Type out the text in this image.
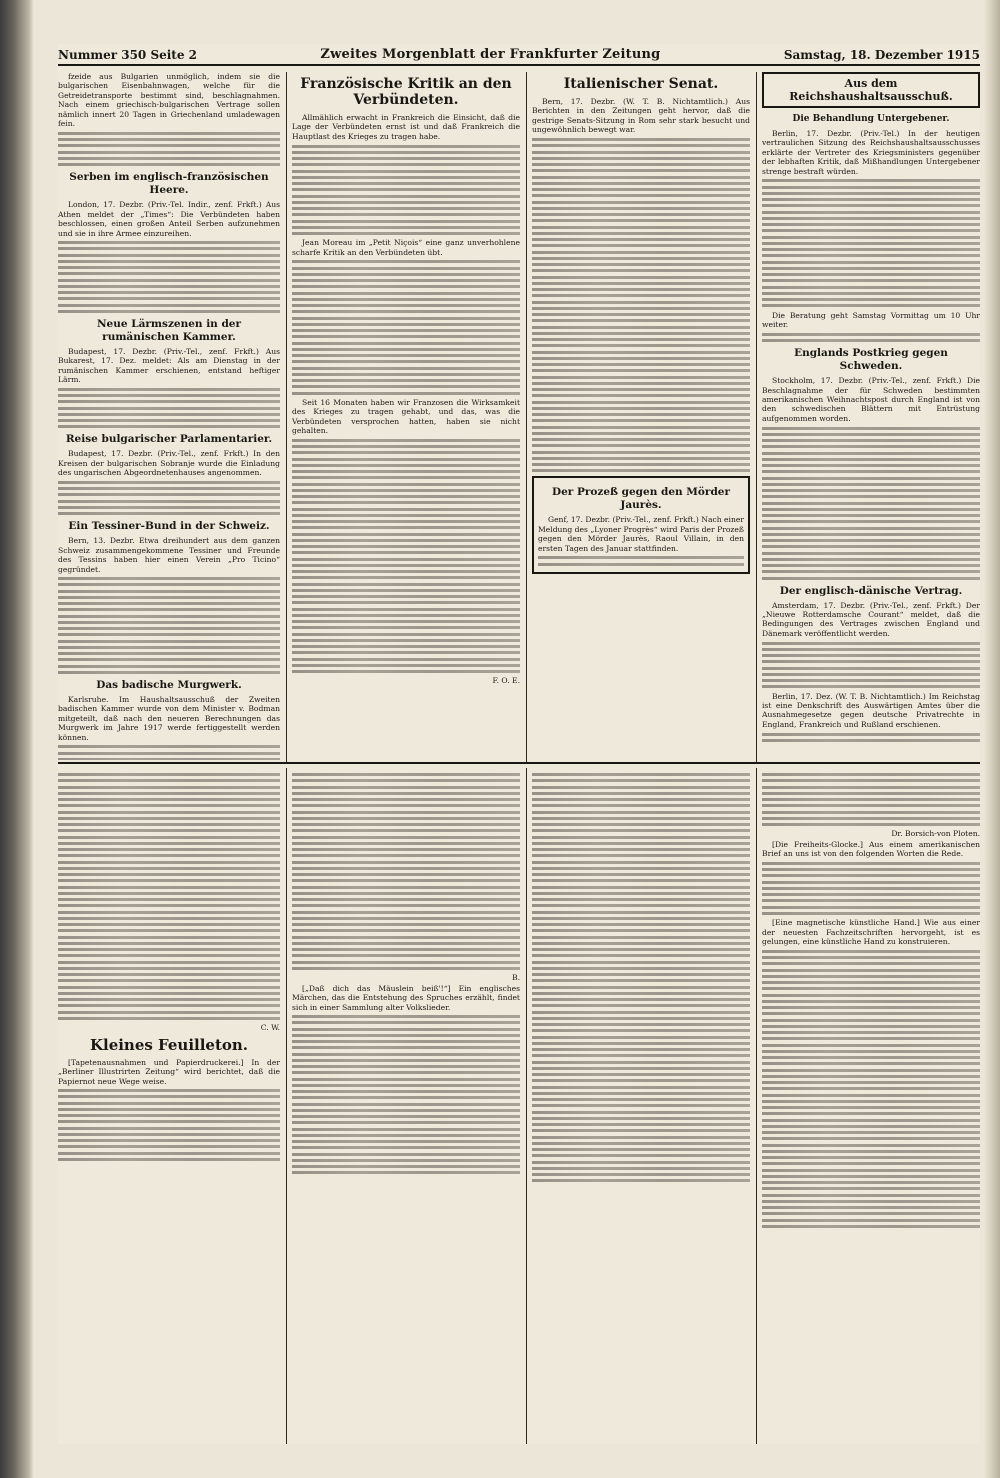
Nummer 350 Seite 2	Zweites Morgenblatt der Frankfurter Zeitung	Samstag, 18. Dezember 1915

fzeide aus Bulgarien unmöglich, indem sie die bulgarischen Eisenbahnwagen, welche für die Getreidetransporte bestimmt sind, beschlagnahmen. Nach einem griechisch-bulgarischen Vertrage sollen nämlich innert 20 Tagen in Griechenland umladewagen fein.

Serben im englisch-französischen Heere.

London, 17. Dezbr. (Priv.-Tel. Indir., zenf. Frkft.) Aus Athen meldet der „Times“: Die Verbündeten haben beschlossen, einen großen Anteil Serben aufzunehmen und sie in ihre Armee einzureihen.

Neue Lärmszenen in der rumänischen Kammer.

Budapest, 17. Dezbr. (Priv.-Tel., zenf. Frkft.) Aus Bukarest, 17. Dez. meldet: Als am Dienstag in der rumänischen Kammer erschienen, entstand heftiger Lärm.

Reise bulgarischer Parlamentarier.

Budapest, 17. Dezbr. (Priv.-Tel., zenf. Frkft.) In den Kreisen der bulgarischen Sobranje wurde die Einladung des ungarischen Abgeordnetenhauses angenommen.

Ein Tessiner-Bund in der Schweiz.

Bern, 13. Dezbr. Etwa dreihundert aus dem ganzen Schweiz zusammengekommene Tessiner und Freunde des Tessins haben hier einen Verein „Pro Ticino“ gegründet.

Das badische Murgwerk.

Karlsruhe. Im Haushaltsausschuß der Zweiten badischen Kammer wurde von dem Minister v. Bodman mitgeteilt, daß nach den neueren Berechnungen das Murgwerk im Jahre 1917 werde fertiggestellt werden können.

Französische Kritik an den Verbündeten.

Allmählich erwacht in Frankreich die Einsicht, daß die Lage der Verbündeten ernst ist und daß Frankreich die Hauptlast des Krieges zu tragen habe.

Jean Moreau im „Petit Niçois“ eine ganz unverhohlene scharfe Kritik an den Verbündeten übt.

Seit 16 Monaten haben wir Franzosen die Wirksamkeit des Krieges zu tragen gehabt, und das, was die Verbündeten versprochen hatten, haben sie nicht gehalten.

F. O. E.

Italienischer Senat.

Bern, 17. Dezbr. (W. T. B. Nichtamtlich.) Aus Berichten in den Zeitungen geht hervor, daß die gestrige Senats-Sitzung in Rom sehr stark besucht und ungewöhnlich bewegt war.

Der Prozeß gegen den Mörder Jaurès.

Genf, 17. Dezbr. (Priv.-Tel., zenf. Frkft.) Nach einer Meldung des „Lyoner Progrès“ wird Paris der Prozeß gegen den Mörder Jaurès, Raoul Villain, in den ersten Tagen des Januar stattfinden.

Aus dem Reichshaushaltsausschuß.
Die Behandlung Untergebener.

Berlin, 17. Dezbr. (Priv.-Tel.) In der heutigen vertraulichen Sitzung des Reichshaushaltsausschusses erklärte der Vertreter des Kriegsministers gegenüber der lebhaften Kritik, daß Mißhandlungen Untergebener strenge bestraft würden.

Die Beratung geht Samstag Vormittag um 10 Uhr weiter.

Englands Postkrieg gegen Schweden.

Stockholm, 17. Dezbr. (Priv.-Tel., zenf. Frkft.) Die Beschlagnahme der für Schweden bestimmten amerikanischen Weihnachtspost durch England ist von den schwedischen Blättern mit Entrüstung aufgenommen worden.

Der englisch-dänische Vertrag.

Amsterdam, 17. Dezbr. (Priv.-Tel., zenf. Frkft.) Der „Nieuwe Rotterdamsche Courant“ meldet, daß die Bedingungen des Vertrages zwischen England und Dänemark veröffentlicht werden.

Berlin, 17. Dez. (W. T. B. Nichtamtlich.) Im Reichstag ist eine Denkschrift des Auswärtigen Amtes über die Ausnahmegesetze gegen deutsche Privatrechte in England, Frankreich und Rußland erschienen.

C. W.

Kleines Feuilleton.

[Tapetenausnahmen und Papierdruckerei.] In der „Berliner Illustrirten Zeitung“ wird berichtet, daß die Papiernot neue Wege weise.

B.

[„Daß dich das Mäuslein beiß'!“] Ein englisches Märchen, das die Entstehung des Spruches erzählt, findet sich in einer Sammlung alter Volkslieder.

Dr. Borsich-von Ploten.

[Die Freiheits-Glocke.] Aus einem amerikanischen Brief an uns ist von den folgenden Worten die Rede.

[Eine magnetische künstliche Hand.] Wie aus einer der neuesten Fachzeitschriften hervorgeht, ist es gelungen, eine künstliche Hand zu konstruieren.
